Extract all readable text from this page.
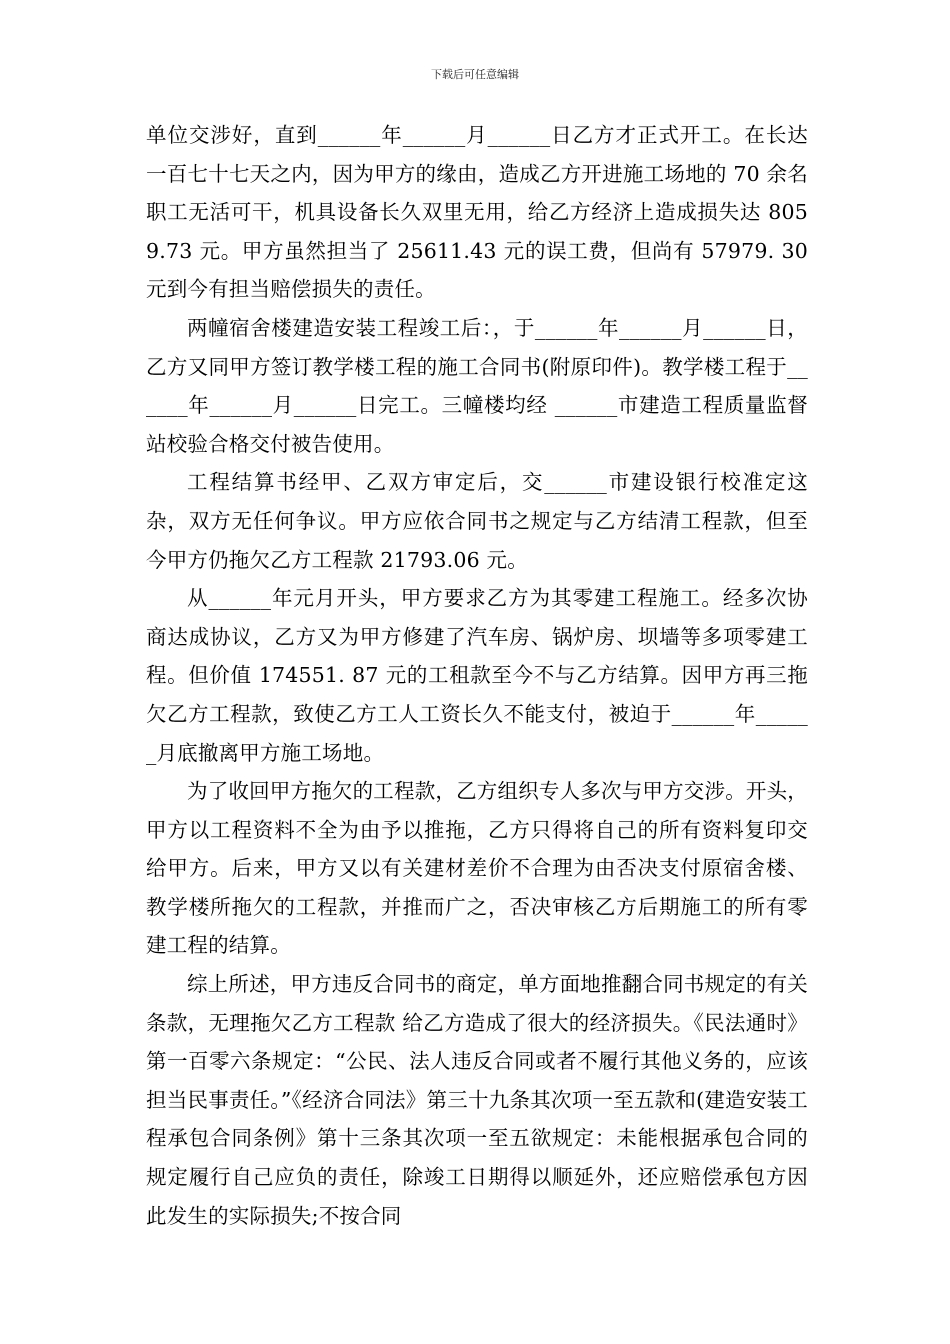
下载后可任意编辑

单位交涉好，直到______年______月______日乙方才正式开工。在长达一百七十七天之内，因为甲方的缘由，造成乙方开进施工场地的 70 余名职工无活可干，机具设备长久双里无用，给乙方经济上造成损失达 8059.73 元。甲方虽然担当了 25611.43 元的误工费，但尚有 57979. 30 元到今有担当赔偿损失的责任。

两幢宿舍楼建造安装工程竣工后：，于______年______月______日，乙方又同甲方签订教学楼工程的施工合同书(附原印件)。教学楼工程于______年______月______日完工。三幢楼均经 ______市建造工程质量监督站校验合格交付被告使用。

工程结算书经甲、乙双方审定后，交______市建设银行校准定这杂，双方无任何争议。甲方应依合同书之规定与乙方结清工程款，但至今甲方仍拖欠乙方工程款 21793.06 元。

从______年元月开头，甲方要求乙方为其零建工程施工。经多次协商达成协议，乙方又为甲方修建了汽车房、锅炉房、坝墙等多项零建工程。但价值 174551. 87 元的工租款至今不与乙方结算。因甲方再三拖欠乙方工程款，致使乙方工人工资长久不能支付，被迫于______年______月底撤离甲方施工场地。

为了收回甲方拖欠的工程款，乙方组织专人多次与甲方交涉。开头，甲方以工程资料不全为由予以推拖，乙方只得将自己的所有资料复印交给甲方。后来，甲方又以有关建材差价不合理为由否决支付原宿舍楼、教学楼所拖欠的工程款，并推而广之，否决审核乙方后期施工的所有零建工程的结算。

综上所述，甲方违反合同书的商定，单方面地推翻合同书规定的有关条款，无理拖欠乙方工程款 给乙方造成了很大的经济损失。《民法通时》第一百零六条规定：“公民、法人违反合同或者不履行其他义务的，应该担当民事责任。”《经济合同法》第三十九条其次项一至五款和(建造安装工程承包合同条例》第十三条其次项一至五欲规定：未能根据承包合同的规定履行自己应负的责任，除竣工日期得以顺延外，还应赔偿承包方因此发生的实际损失;不按合同
